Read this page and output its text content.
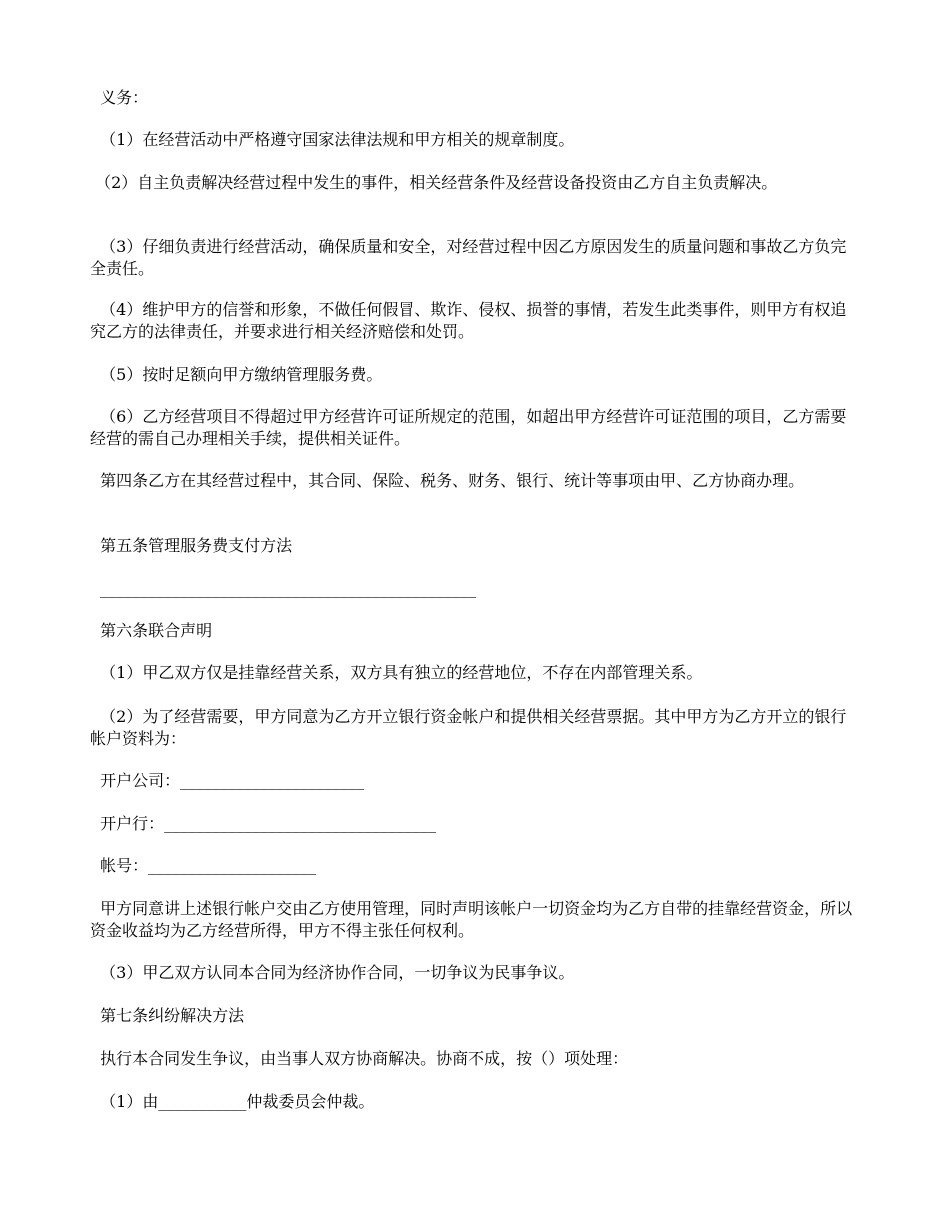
义务：

（1）在经营活动中严格遵守国家法律法规和甲方相关的规章制度。

（2）自主负责解决经营过程中发生的事件，相关经营条件及经营设备投资由乙方自主负责解决。

（3）仔细负责进行经营活动，确保质量和安全，对经营过程中因乙方原因发生的质量问题和事故乙方负完全责任。

（4）维护甲方的信誉和形象，不做任何假冒、欺诈、侵权、损誉的事情，若发生此类事件，则甲方有权追究乙方的法律责任，并要求进行相关经济赔偿和处罚。

（5）按时足额向甲方缴纳管理服务费。

（6）乙方经营项目不得超过甲方经营许可证所规定的范围，如超出甲方经营许可证范围的项目，乙方需要经营的需自己办理相关手续，提供相关证件。

第四条乙方在其经营过程中，其合同、保险、税务、财务、银行、统计等事项由甲、乙方协商办理。

第五条管理服务费支付方法

_______________________________________________

第六条联合声明

（1）甲乙双方仅是挂靠经营关系，双方具有独立的经营地位，不存在内部管理关系。

（2）为了经营需要，甲方同意为乙方开立银行资金帐户和提供相关经营票据。其中甲方为乙方开立的银行帐户资料为：

开户公司：_______________________

开户行：__________________________________

帐号：_____________________

甲方同意讲上述银行帐户交由乙方使用管理，同时声明该帐户一切资金均为乙方自带的挂靠经营资金，所以资金收益均为乙方经营所得，甲方不得主张任何权利。

（3）甲乙双方认同本合同为经济协作合同，一切争议为民事争议。

第七条纠纷解决方法

执行本合同发生争议，由当事人双方协商解决。协商不成，按（）项处理：

（1）由___________仲裁委员会仲裁。
